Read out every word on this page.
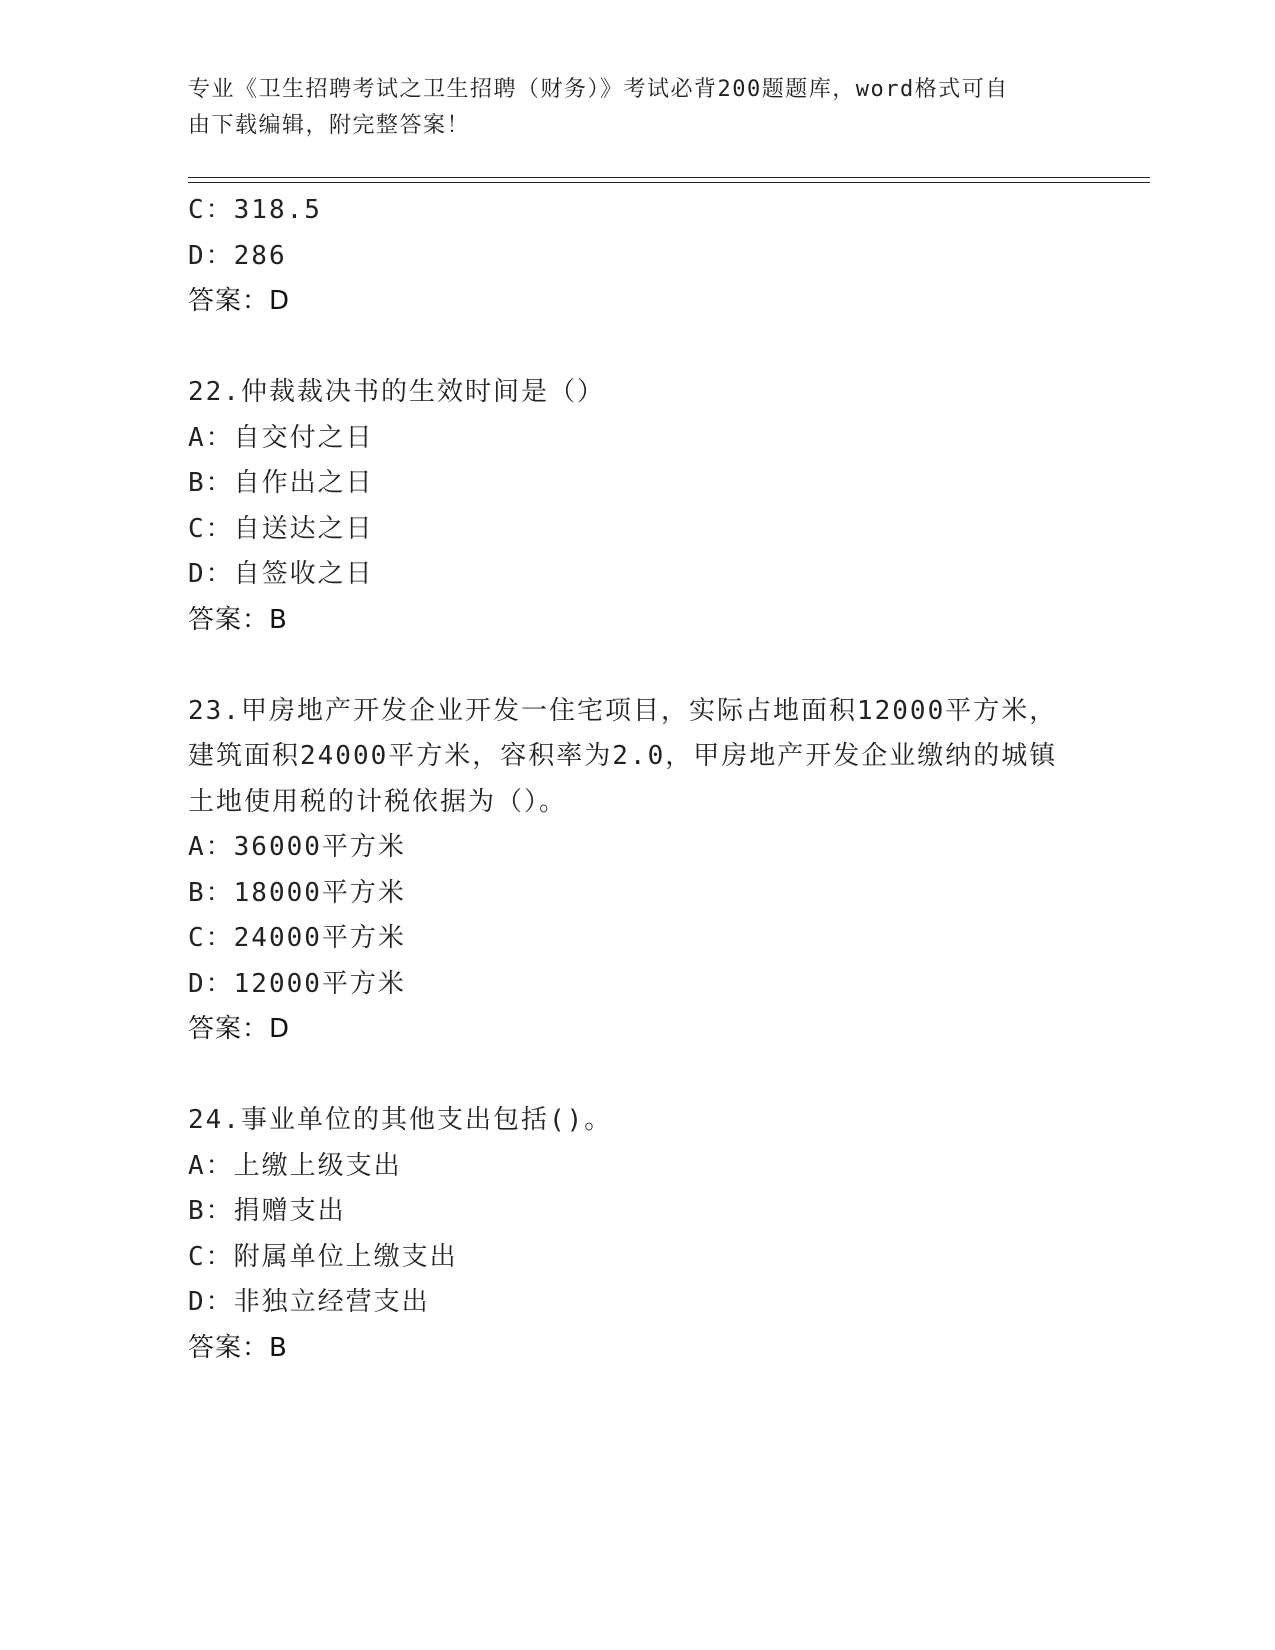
专业《卫生招聘考试之卫生招聘（财务）》考试必背200题题库，word格式可自
由下载编辑，附完整答案！
C：318.5
D：286
答案：D
22.仲裁裁决书的生效时间是（）
A：自交付之日
B：自作出之日
C：自送达之日
D：自签收之日
答案：B
23.甲房地产开发企业开发一住宅项目，实际占地面积12000平方米，
建筑面积24000平方米，容积率为2.0，甲房地产开发企业缴纳的城镇
土地使用税的计税依据为（）。
A：36000平方米
B：18000平方米
C：24000平方米
D：12000平方米
答案：D
24.事业单位的其他支出包括()。
A：上缴上级支出
B：捐赠支出
C：附属单位上缴支出
D：非独立经营支出
答案：B
